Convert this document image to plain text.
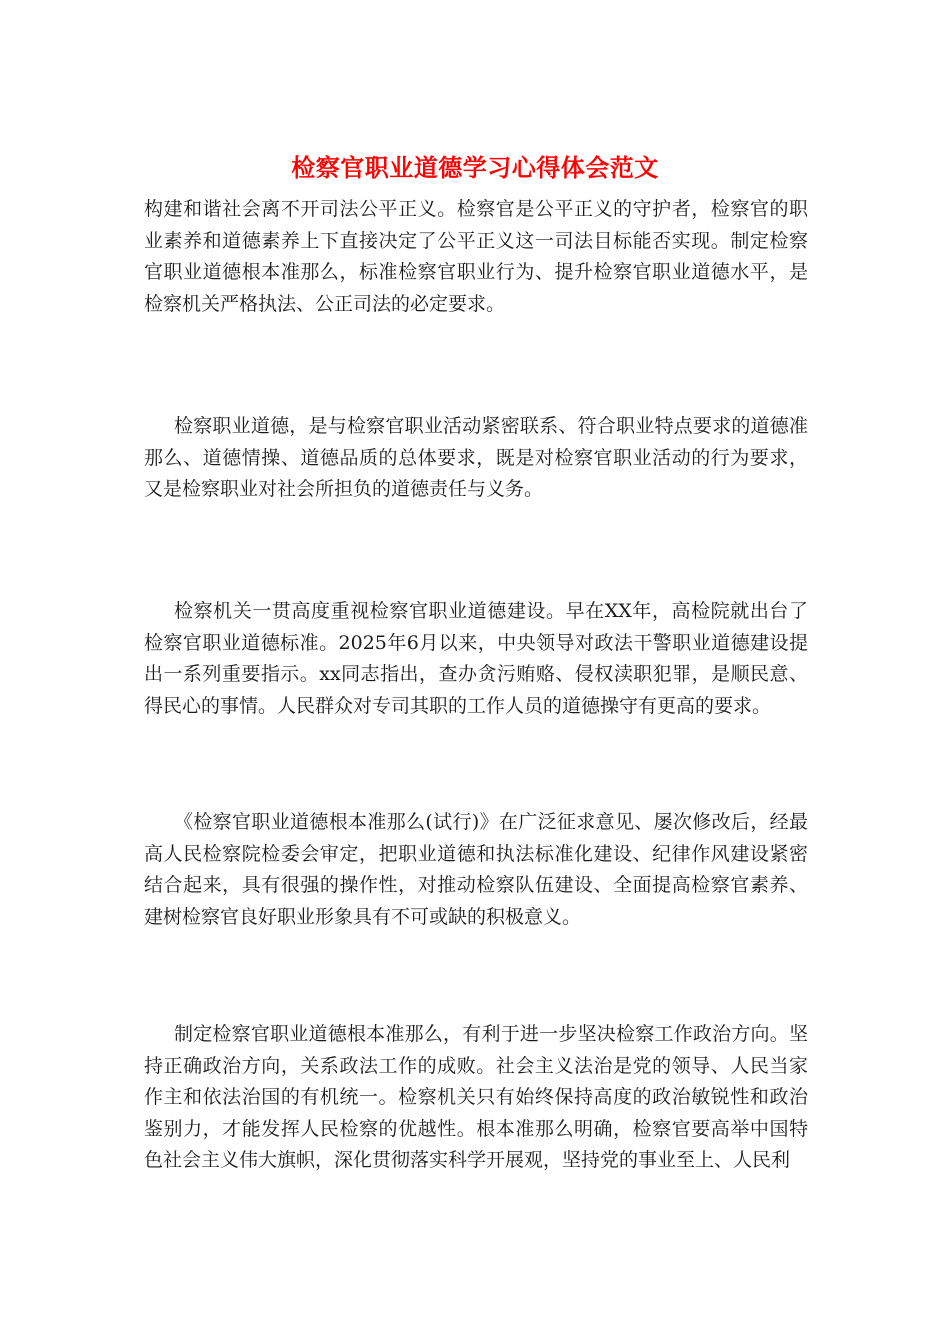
检察官职业道德学习心得体会范文

构建和谐社会离不开司法公平正义。检察官是公平正义的守护者，检察官的职业素养和道德素养上下直接决定了公平正义这一司法目标能否实现。制定检察官职业道德根本准那么，标准检察官职业行为、提升检察官职业道德水平，是检察机关严格执法、公正司法的必定要求。

检察职业道德，是与检察官职业活动紧密联系、符合职业特点要求的道德准那么、道德情操、道德品质的总体要求，既是对检察官职业活动的行为要求，又是检察职业对社会所担负的道德责任与义务。

检察机关一贯高度重视检察官职业道德建设。早在XX年，高检院就出台了检察官职业道德标准。2025年6月以来，中央领导对政法干警职业道德建设提出一系列重要指示。xx同志指出，查办贪污贿赂、侵权渎职犯罪，是顺民意、得民心的事情。人民群众对专司其职的工作人员的道德操守有更高的要求。

《检察官职业道德根本准那么(试行)》在广泛征求意见、屡次修改后，经最高人民检察院检委会审定，把职业道德和执法标准化建设、纪律作风建设紧密结合起来，具有很强的操作性，对推动检察队伍建设、全面提高检察官素养、建树检察官良好职业形象具有不可或缺的积极意义。

制定检察官职业道德根本准那么，有利于进一步坚决检察工作政治方向。坚持正确政治方向，关系政法工作的成败。社会主义法治是党的领导、人民当家作主和依法治国的有机统一。检察机关只有始终保持高度的政治敏锐性和政治鉴别力，才能发挥人民检察的优越性。根本准那么明确，检察官要高举中国特色社会主义伟大旗帜，深化贯彻落实科学开展观，坚持党的事业至上、人民利
